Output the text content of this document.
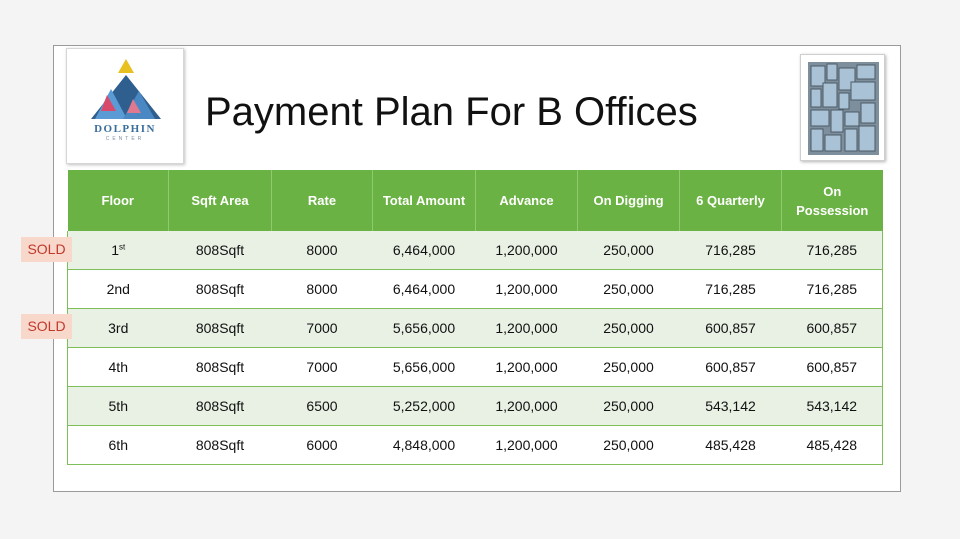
DOLPHIN
CENTER
Payment Plan For B Offices
Floor	Sqft Area	Rate	Total Amount	Advance	On Digging	6 Quarterly	On Possession
1st	808Sqft	8000	6,464,000	1,200,000	250,000	716,285	716,285
2nd	808Sqft	8000	6,464,000	1,200,000	250,000	716,285	716,285
3rd	808Sqft	7000	5,656,000	1,200,000	250,000	600,857	600,857
4th	808Sqft	7000	5,656,000	1,200,000	250,000	600,857	600,857
5th	808Sqft	6500	5,252,000	1,200,000	250,000	543,142	543,142
6th	808Sqft	6000	4,848,000	1,200,000	250,000	485,428	485,428
SOLD
SOLD
